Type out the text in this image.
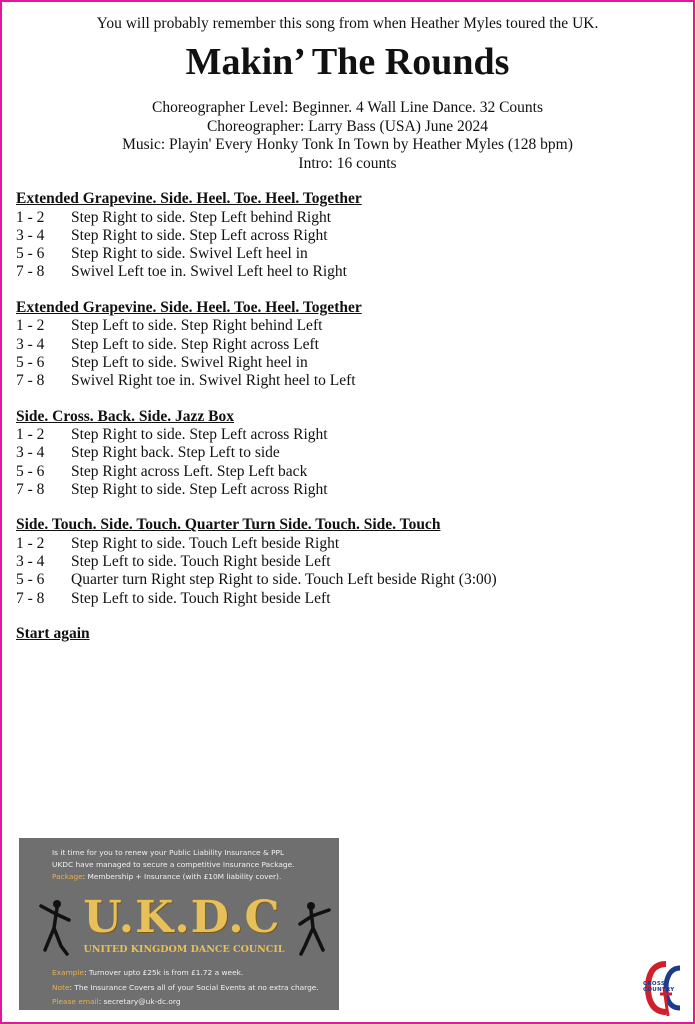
You will probably remember this song from when Heather Myles toured the UK.
Makin’ The Rounds
Choreographer Level: Beginner. 4 Wall Line Dance. 32 Counts
Choreographer: Larry Bass (USA) June 2024
Music: Playin' Every Honky Tonk In Town by Heather Myles (128 bpm)
Intro: 16 counts
Extended Grapevine. Side. Heel. Toe. Heel. Together
1 - 2	Step Right to side. Step Left behind Right
3 - 4	Step Right to side. Step Left across Right
5 - 6	Step Right to side. Swivel Left heel in
7 - 8	Swivel Left toe in. Swivel Left heel to Right
Extended Grapevine. Side. Heel. Toe. Heel. Together
1 - 2	Step Left to side. Step Right behind Left
3 - 4	Step Left to side. Step Right across Left
5 - 6	Step Left to side. Swivel Right heel in
7 - 8	Swivel Right toe in. Swivel Right heel to Left
Side. Cross. Back. Side. Jazz Box
1 - 2	Step Right to side. Step Left across Right
3 - 4	Step Right back. Step Left to side
5 - 6	Step Right across Left. Step Left back
7 - 8	Step Right to side. Step Left across Right
Side. Touch. Side. Touch. Quarter Turn Side. Touch. Side. Touch
1 - 2	Step Right to side. Touch Left beside Right
3 - 4	Step Left to side. Touch Right beside Left
5 - 6	Quarter turn Right step Right to side. Touch Left beside Right (3:00)
7 - 8	Step Left to side. Touch Right beside Left
Start again
Is it time for you to renew your Public Liability Insurance & PPL
UKDC have managed to secure a competitive Insurance Package.
Package: Membership + Insurance (with £10M liability cover).
U.K.D.C
UNITED KINGDOM DANCE COUNCIL
Example: Turnover upto £25k is from £1.72 a week.
Note: The Insurance Covers all of your Social Events at no extra charge.
Please email: secretary@uk-dc.org
CROSS COUNTRY
